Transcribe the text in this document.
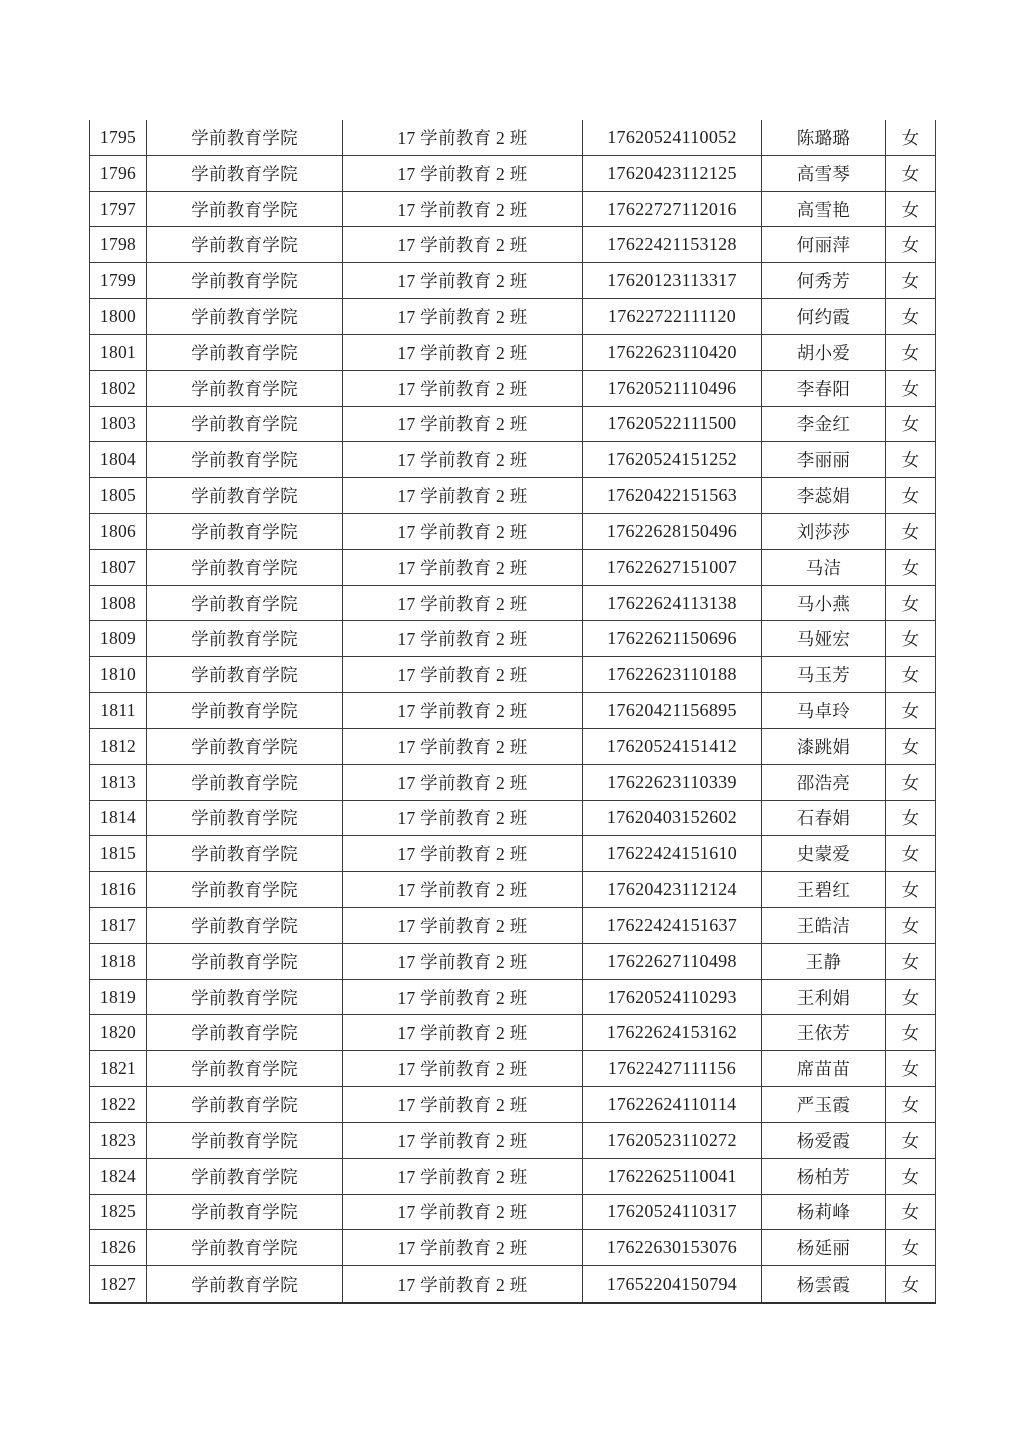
1795	学前教育学院	17 学前教育 2 班	17620524110052	陈璐璐	女
1796	学前教育学院	17 学前教育 2 班	17620423112125	高雪琴	女
1797	学前教育学院	17 学前教育 2 班	17622727112016	高雪艳	女
1798	学前教育学院	17 学前教育 2 班	17622421153128	何丽萍	女
1799	学前教育学院	17 学前教育 2 班	17620123113317	何秀芳	女
1800	学前教育学院	17 学前教育 2 班	17622722111120	何约霞	女
1801	学前教育学院	17 学前教育 2 班	17622623110420	胡小爱	女
1802	学前教育学院	17 学前教育 2 班	17620521110496	李春阳	女
1803	学前教育学院	17 学前教育 2 班	17620522111500	李金红	女
1804	学前教育学院	17 学前教育 2 班	17620524151252	李丽丽	女
1805	学前教育学院	17 学前教育 2 班	17620422151563	李蕊娟	女
1806	学前教育学院	17 学前教育 2 班	17622628150496	刘莎莎	女
1807	学前教育学院	17 学前教育 2 班	17622627151007	马洁	女
1808	学前教育学院	17 学前教育 2 班	17622624113138	马小燕	女
1809	学前教育学院	17 学前教育 2 班	17622621150696	马娅宏	女
1810	学前教育学院	17 学前教育 2 班	17622623110188	马玉芳	女
1811	学前教育学院	17 学前教育 2 班	17620421156895	马卓玲	女
1812	学前教育学院	17 学前教育 2 班	17620524151412	漆跳娟	女
1813	学前教育学院	17 学前教育 2 班	17622623110339	邵浩亮	女
1814	学前教育学院	17 学前教育 2 班	17620403152602	石春娟	女
1815	学前教育学院	17 学前教育 2 班	17622424151610	史蒙爱	女
1816	学前教育学院	17 学前教育 2 班	17620423112124	王碧红	女
1817	学前教育学院	17 学前教育 2 班	17622424151637	王皓洁	女
1818	学前教育学院	17 学前教育 2 班	17622627110498	王静	女
1819	学前教育学院	17 学前教育 2 班	17620524110293	王利娟	女
1820	学前教育学院	17 学前教育 2 班	17622624153162	王依芳	女
1821	学前教育学院	17 学前教育 2 班	17622427111156	席苗苗	女
1822	学前教育学院	17 学前教育 2 班	17622624110114	严玉霞	女
1823	学前教育学院	17 学前教育 2 班	17620523110272	杨爱霞	女
1824	学前教育学院	17 学前教育 2 班	17622625110041	杨柏芳	女
1825	学前教育学院	17 学前教育 2 班	17620524110317	杨莉峰	女
1826	学前教育学院	17 学前教育 2 班	17622630153076	杨延丽	女
1827	学前教育学院	17 学前教育 2 班	17652204150794	杨雲霞	女
